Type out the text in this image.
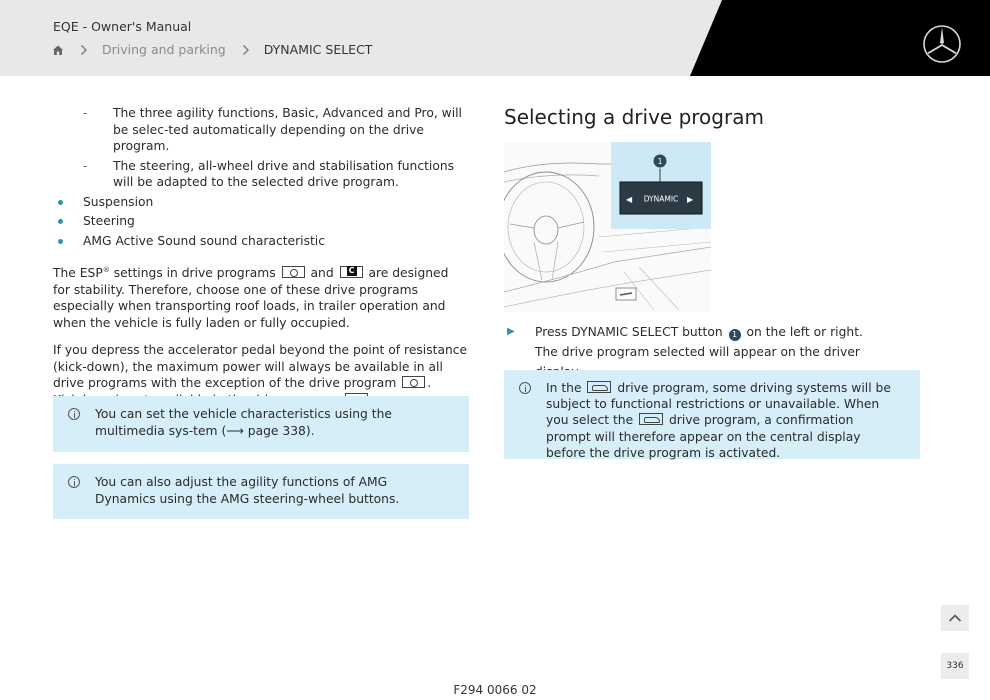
EQE - Owner's Manual
Driving and parking	DYNAMIC SELECT
- The three agility functions, Basic, Advanced and Pro, will be selec-ted automatically depending on the drive program.
- The steering, all-wheel drive and stabilisation functions will be adapted to the selected drive program.
Suspension
Steering
AMG Active Sound sound characteristic

The ESP® settings in drive programs  and C are designed for stability. Therefore, choose one of these drive programs especially when transporting roof loads, in trailer operation and when the vehicle is fully laden or fully occupied.

If you depress the accelerator pedal beyond the point of resistance (kick-down), the maximum power will always be available in all drive programs with the exception of the drive program .

You can set the vehicle characteristics using the multimedia sys-tem (⟶ page 338).
You can also adjust the agility functions of AMG Dynamics using the AMG steering-wheel buttons.
Selecting a drive program
◀ DYNAMIC ▶
1
▶	Press DYNAMIC SELECT button 1 on the left or right.
The drive program selected will appear on the driver
In the  drive program, some driving systems will be subject to functional restrictions or unavailable. When you select the  drive program, a confirmation prompt will therefore appear on the central display before the drive program is activated.
336
F294 0066 02
